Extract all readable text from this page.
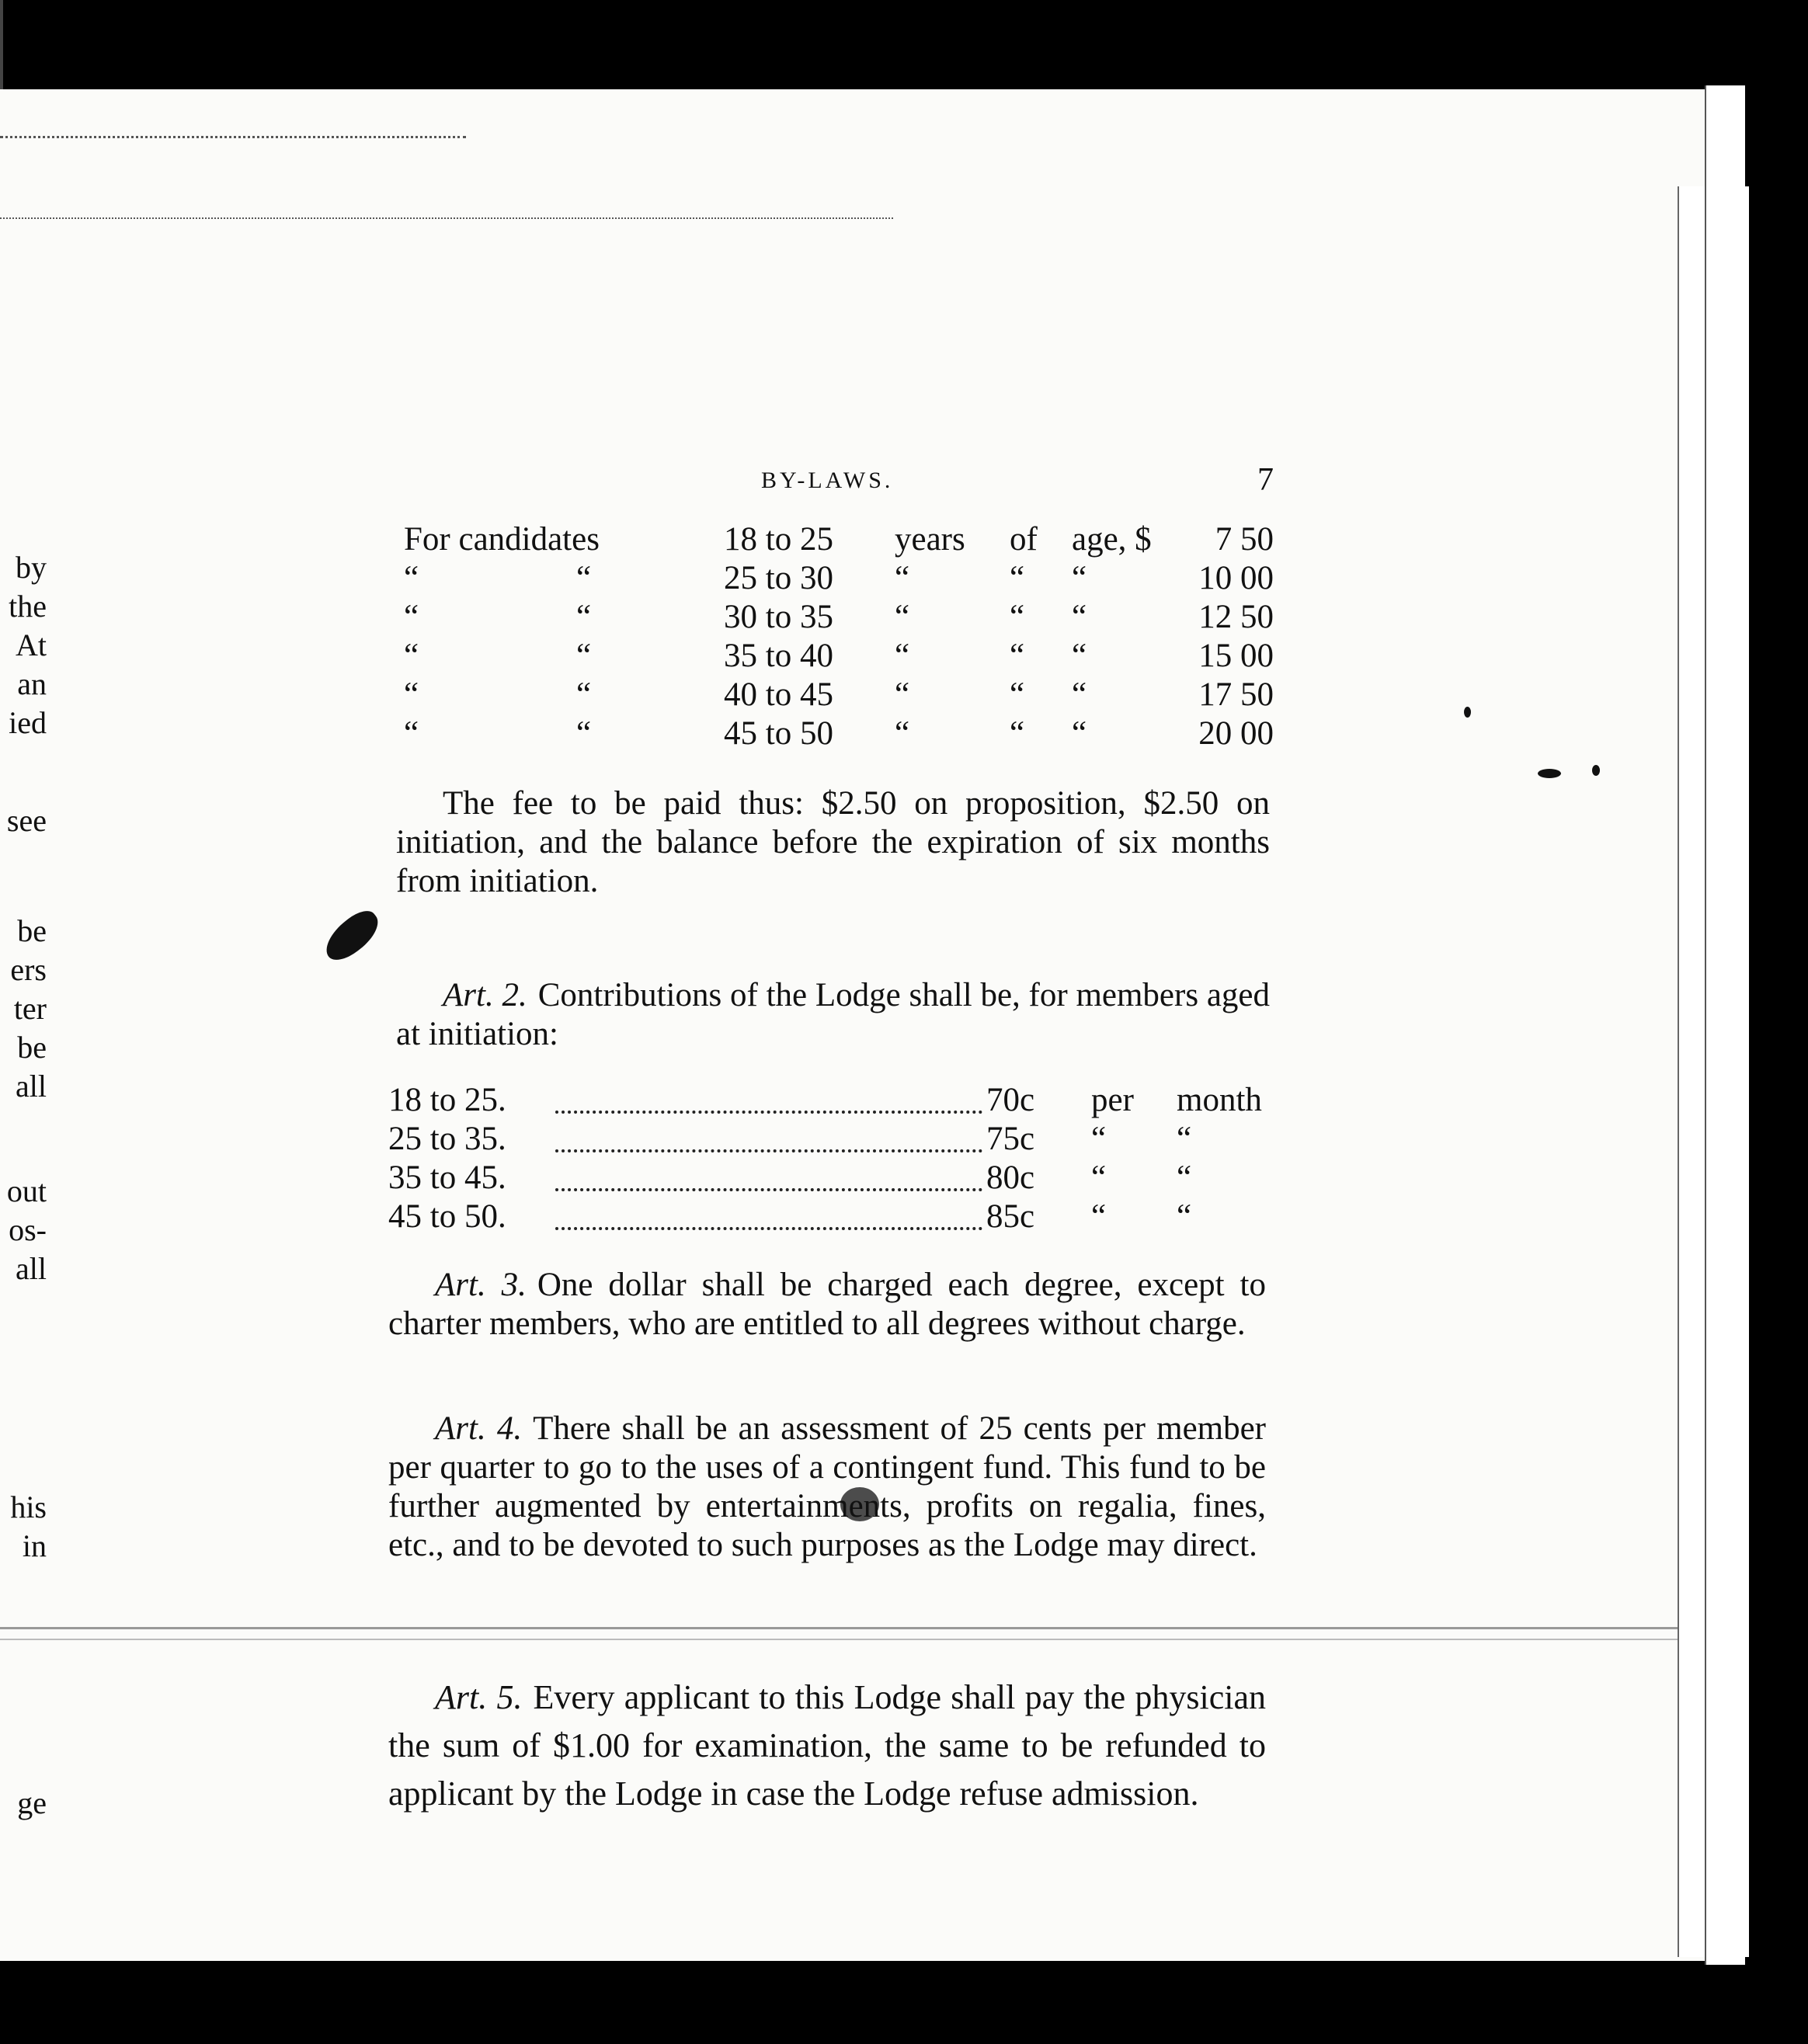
by
the
At
an
ied
see
be
ers
ter
be
all
out
os-
all
his
in
ge
BY-LAWS.	7
For candidates	18 to 25 years of age, $	7 50
“	“	25 to 30 “	“ “	10 00
“	“	30 to 35 “	“ “	12 50
“	“	35 to 40 “	“ “	15 00
“	“	40 to 45 “	“ “	17 50
“	“	45 to 50 “	“ “	20 00
The fee to be paid thus: $2.50 on proposition, $2.50 on initiation, and the balance before the expiration of six months from initiation.
Art. 2. Contributions of the Lodge shall be, for members aged at initiation:
18 to 25.	70c per month
25 to 35.	75c “ “
35 to 45.	80c “ “
45 to 50.	85c “ “
Art. 3. One dollar shall be charged each degree, except to charter members, who are entitled to all degrees without charge.
Art. 4. There shall be an assessment of 25 cents per member per quarter to go to the uses of a contingent fund. This fund to be further augmented by entertainments, profits on regalia, fines, etc., and to be devoted to such purposes as the Lodge may direct.
Art. 5. Every applicant to this Lodge shall pay the physician the sum of $1.00 for examination, the same to be refunded to applicant by the Lodge in case the Lodge refuse admission.
